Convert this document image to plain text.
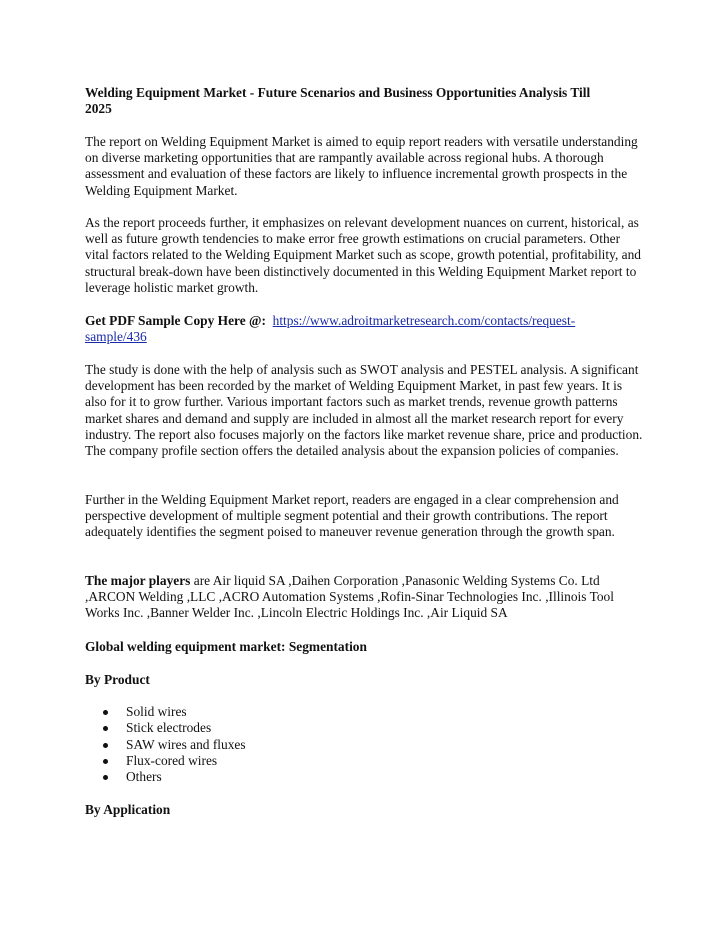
Welding Equipment Market - Future Scenarios and Business Opportunities Analysis Till
2025

The report on Welding Equipment Market is aimed to equip report readers with versatile understanding on diverse marketing opportunities that are rampantly available across regional hubs. A thorough assessment and evaluation of these factors are likely to influence incremental growth prospects in the Welding Equipment Market.

As the report proceeds further, it emphasizes on relevant development nuances on current, historical, as well as future growth tendencies to make error free growth estimations on crucial parameters. Other vital factors related to the Welding Equipment Market such as scope, growth potential, profitability, and structural break-down have been distinctively documented in this Welding Equipment Market report to leverage holistic market growth.

Get PDF Sample Copy Here @: https://www.adroitmarketresearch.com/contacts/request-
sample/436

The study is done with the help of analysis such as SWOT analysis and PESTEL analysis. A significant development has been recorded by the market of Welding Equipment Market, in past few years. It is also for it to grow further. Various important factors such as market trends, revenue growth patterns market shares and demand and supply are included in almost all the market research report for every industry. The report also focuses majorly on the factors like market revenue share, price and production. The company profile section offers the detailed analysis about the expansion policies of companies.

Further in the Welding Equipment Market report, readers are engaged in a clear comprehension and perspective development of multiple segment potential and their growth contributions. The report adequately identifies the segment poised to maneuver revenue generation through the growth span.

The major players are Air liquid SA ,Daihen Corporation ,Panasonic Welding Systems Co. Ltd ,ARCON Welding ,LLC ,ACRO Automation Systems ,Rofin-Sinar Technologies Inc. ,Illinois Tool Works Inc. ,Banner Welder Inc. ,Lincoln Electric Holdings Inc. ,Air Liquid SA

Global welding equipment market: Segmentation

By Product

Solid wires
Stick electrodes
SAW wires and fluxes
Flux-cored wires
Others

By Application
